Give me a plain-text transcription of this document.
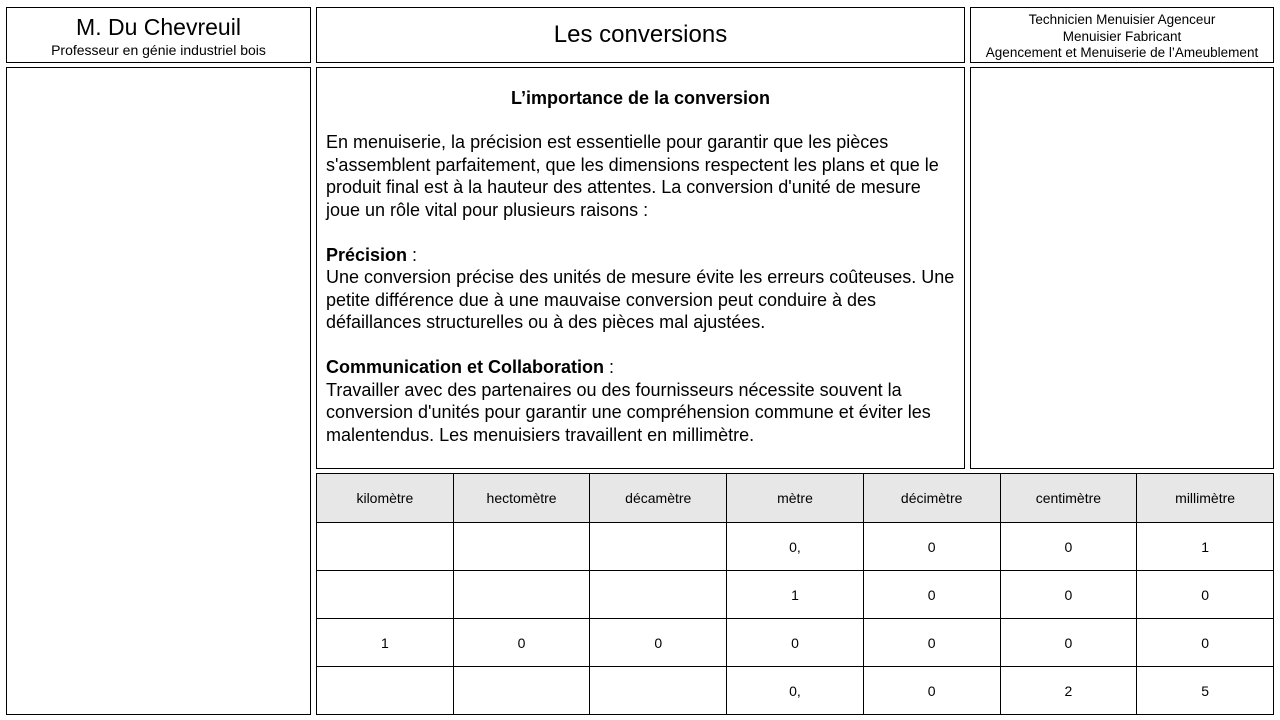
M. Du Chevreuil
Professeur en génie industriel bois
Les conversions
Technicien Menuisier Agenceur
Menuisier Fabricant
Agencement et Menuiserie de l’Ameublement
L’importance de la conversion

En menuiserie, la précision est essentielle pour garantir que les pièces s'assemblent parfaitement, que les dimensions respectent les plans et que le produit final est à la hauteur des attentes. La conversion d'unité de mesure joue un rôle vital pour plusieurs raisons :

Précision :

Une conversion précise des unités de mesure évite les erreurs coûteuses. Une petite différence due à une mauvaise conversion peut conduire à des défaillances structurelles ou à des pièces mal ajustées.

Communication et Collaboration :

Travailler avec des partenaires ou des fournisseurs nécessite souvent la conversion d'unités pour garantir une compréhension commune et éviter les malentendus. Les menuisiers travaillent en millimètre.

kilomètre	hectomètre	décamètre	mètre	décimètre	centimètre	millimètre
			0,	0	0	1
			1	0	0	0
1	0	0	0	0	0	0
			0,	0	2	5
